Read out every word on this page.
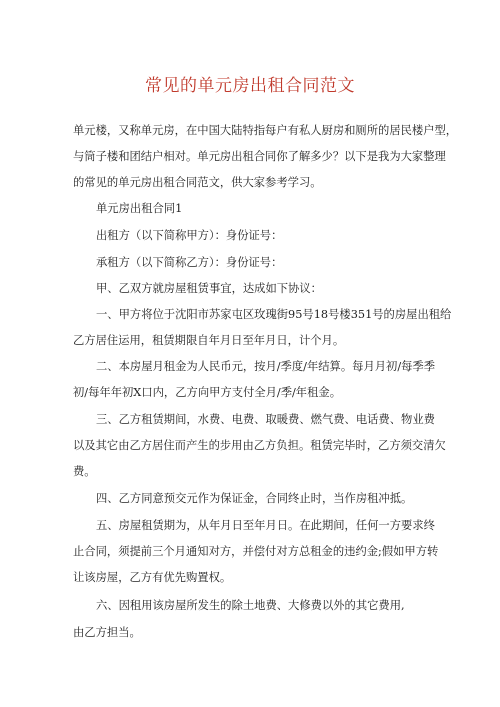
常见的单元房出租合同范文
单元楼，又称单元房，在中国大陆特指每户有私人厨房和厕所的居民楼户型，
与筒子楼和团结户相对。单元房出租合同你了解多少？以下是我为大家整理
的常见的单元房出租合同范文，供大家参考学习。
单元房出租合同1
出租方（以下简称甲方）：身份证号：
承租方（以下简称乙方）：身份证号：
甲、乙双方就房屋租赁事宜，达成如下协议：
一、甲方将位于沈阳市苏家屯区玫瑰街95号18号楼351号的房屋出租给
乙方居住运用，租赁期限自年月日至年月日，计个月。
二、本房屋月租金为人民币元，按月/季度/年结算。每月月初/每季季
初/每年年初X口内，乙方向甲方支付全月/季/年租金。
三、乙方租赁期间，水费、电费、取暖费、燃气费、电话费、物业费
以及其它由乙方居住而产生的步用由乙方负担。租赁完毕时，乙方须交清欠
费。
四、乙方同意预交元作为保证金，合同终止时，当作房租冲抵。
五、房屋租赁期为，从年月日至年月日。在此期间，任何一方要求终
止合同，须提前三个月通知对方，并偿付对方总租金的违约金;假如甲方转
让该房屋，乙方有优先购置权。
六、因租用该房屋所发生的除土地费、大修费以外的其它费用,
由乙方担当。
